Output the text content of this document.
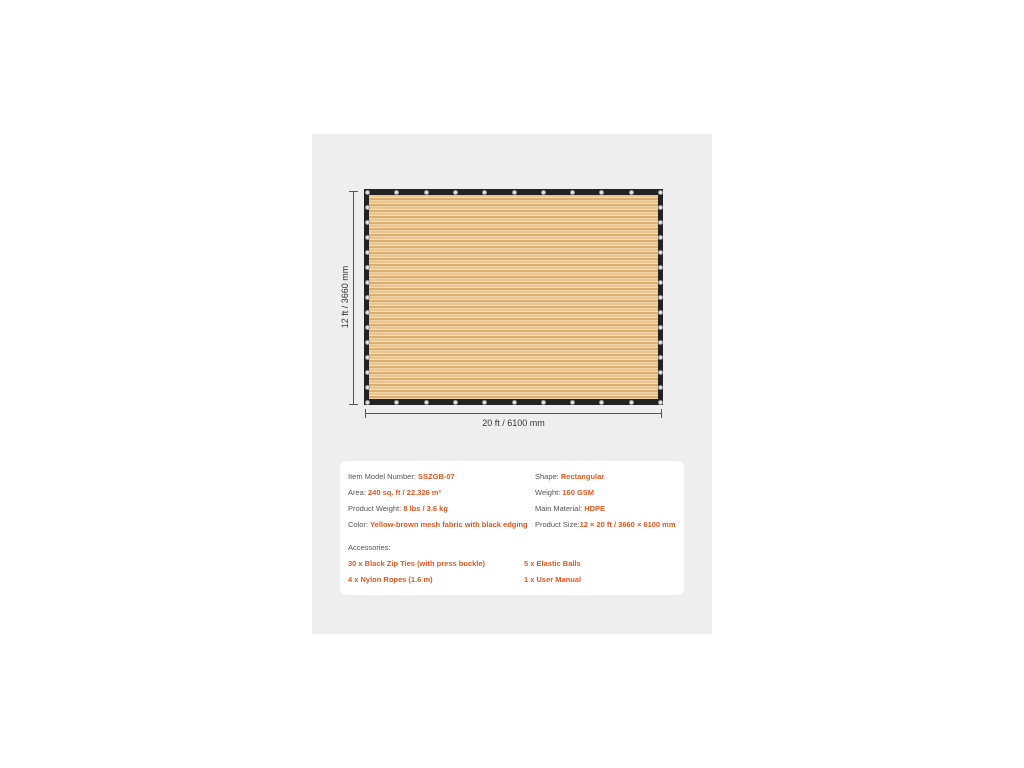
12 ft / 3660 mm
20 ft / 6100 mm
Item Model Number: SSZGB-07	Shape: Rectangular
Area: 240 sq. ft / 22.326 m²	Weight: 160 GSM
Product Weight: 8 lbs / 3.6 kg	Main Material: HDPE
Color: Yellow-brown mesh fabric with black edging Product Size:12 × 20 ft / 3660 × 6100 mm
Accessories:
30 x Black Zip Ties (with press buckle)	5 x Elastic Balls
4 x Nylon Ropes (1.6 m)	1 x User Manual
